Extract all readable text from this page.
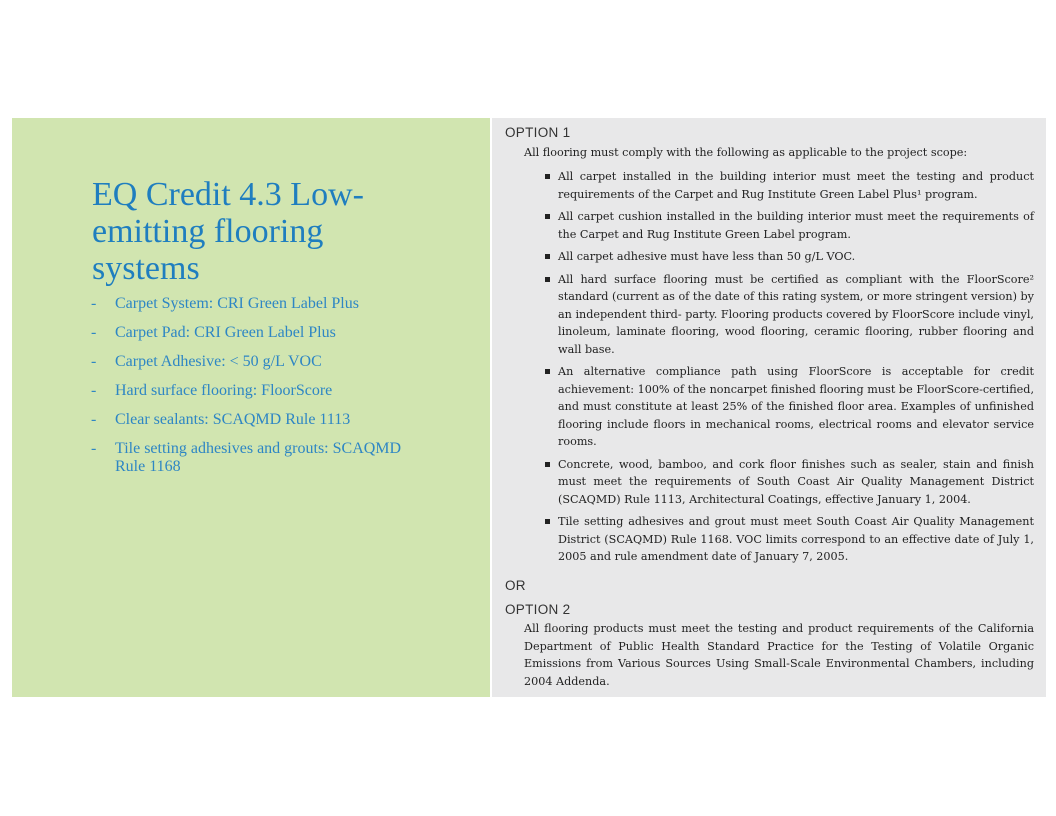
EQ Credit 4.3 Low-emitting flooring systems
- Carpet System: CRI Green Label Plus
- Carpet Pad: CRI Green Label Plus
- Carpet Adhesive: < 50 g/L VOC
- Hard surface flooring: FloorScore
- Clear sealants: SCAQMD Rule 1113
- Tile setting adhesives and grouts: SCAQMD Rule 1168
OPTION 1
All flooring must comply with the following as applicable to the project scope:
All carpet installed in the building interior must meet the testing and product requirements of the Carpet and Rug Institute Green Label Plus¹ program.
All carpet cushion installed in the building interior must meet the requirements of the Carpet and Rug Institute Green Label program.
All carpet adhesive must have less than 50 g/L VOC.
All hard surface flooring must be certified as compliant with the FloorScore² standard (current as of the date of this rating system, or more stringent version) by an independent third- party. Flooring products covered by FloorScore include vinyl, linoleum, laminate flooring, wood flooring, ceramic flooring, rubber flooring and wall base.
An alternative compliance path using FloorScore is acceptable for credit achievement: 100% of the noncarpet finished flooring must be FloorScore-certified, and must constitute at least 25% of the finished floor area. Examples of unfinished flooring include floors in mechanical rooms, electrical rooms and elevator service rooms.
Concrete, wood, bamboo, and cork floor finishes such as sealer, stain and finish must meet the requirements of South Coast Air Quality Management District (SCAQMD) Rule 1113, Architectural Coatings, effective January 1, 2004.
Tile setting adhesives and grout must meet South Coast Air Quality Management District (SCAQMD) Rule 1168. VOC limits correspond to an effective date of July 1, 2005 and rule amendment date of January 7, 2005.
OR
OPTION 2
All flooring products must meet the testing and product requirements of the California Department of Public Health Standard Practice for the Testing of Volatile Organic Emissions from Various Sources Using Small-Scale Environmental Chambers, including 2004 Addenda.
